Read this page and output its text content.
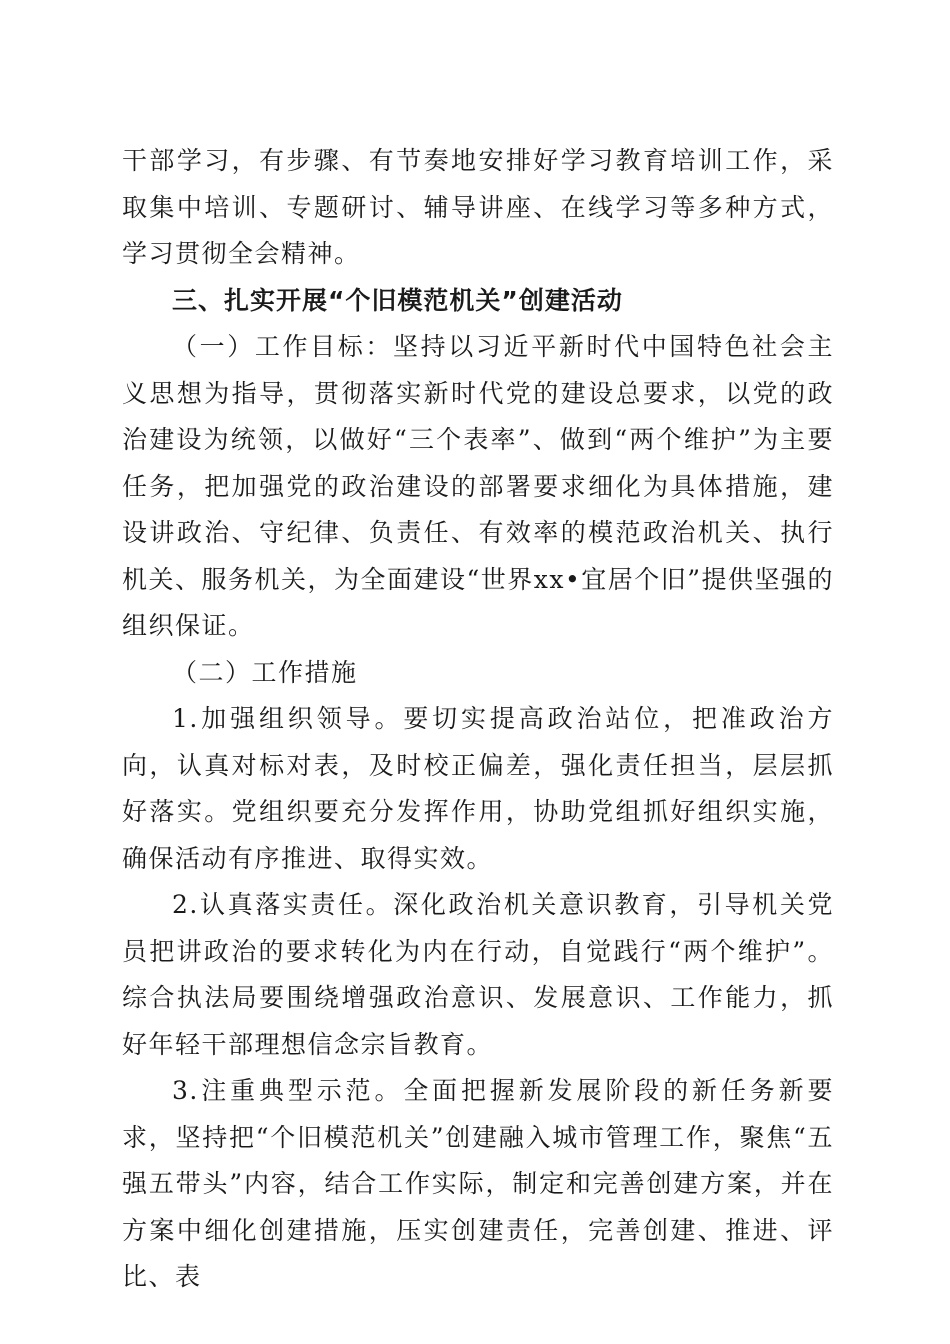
干部学习，有步骤、有节奏地安排好学习教育培训工作，采取集中培训、专题研讨、辅导讲座、在线学习等多种方式，学习贯彻全会精神。

三、扎实开展“个旧模范机关”创建活动

（一）工作目标：坚持以习近平新时代中国特色社会主义思想为指导，贯彻落实新时代党的建设总要求，以党的政治建设为统领，以做好“三个表率”、做到“两个维护”为主要任务，把加强党的政治建设的部署要求细化为具体措施，建设讲政治、守纪律、负责任、有效率的模范政治机关、执行机关、服务机关，为全面建设“世界xx•宜居个旧”提供坚强的组织保证。

（二）工作措施

1.加强组织领导。要切实提高政治站位，把准政治方向，认真对标对表，及时校正偏差，强化责任担当，层层抓好落实。党组织要充分发挥作用，协助党组抓好组织实施，确保活动有序推进、取得实效。

2.认真落实责任。深化政治机关意识教育，引导机关党员把讲政治的要求转化为内在行动，自觉践行“两个维护”。综合执法局要围绕增强政治意识、发展意识、工作能力，抓好年轻干部理想信念宗旨教育。

3.注重典型示范。全面把握新发展阶段的新任务新要求，坚持把“个旧模范机关”创建融入城市管理工作，聚焦“五强五带头”内容，结合工作实际，制定和完善创建方案，并在方案中细化创建措施，压实创建责任，完善创建、推进、评比、表
